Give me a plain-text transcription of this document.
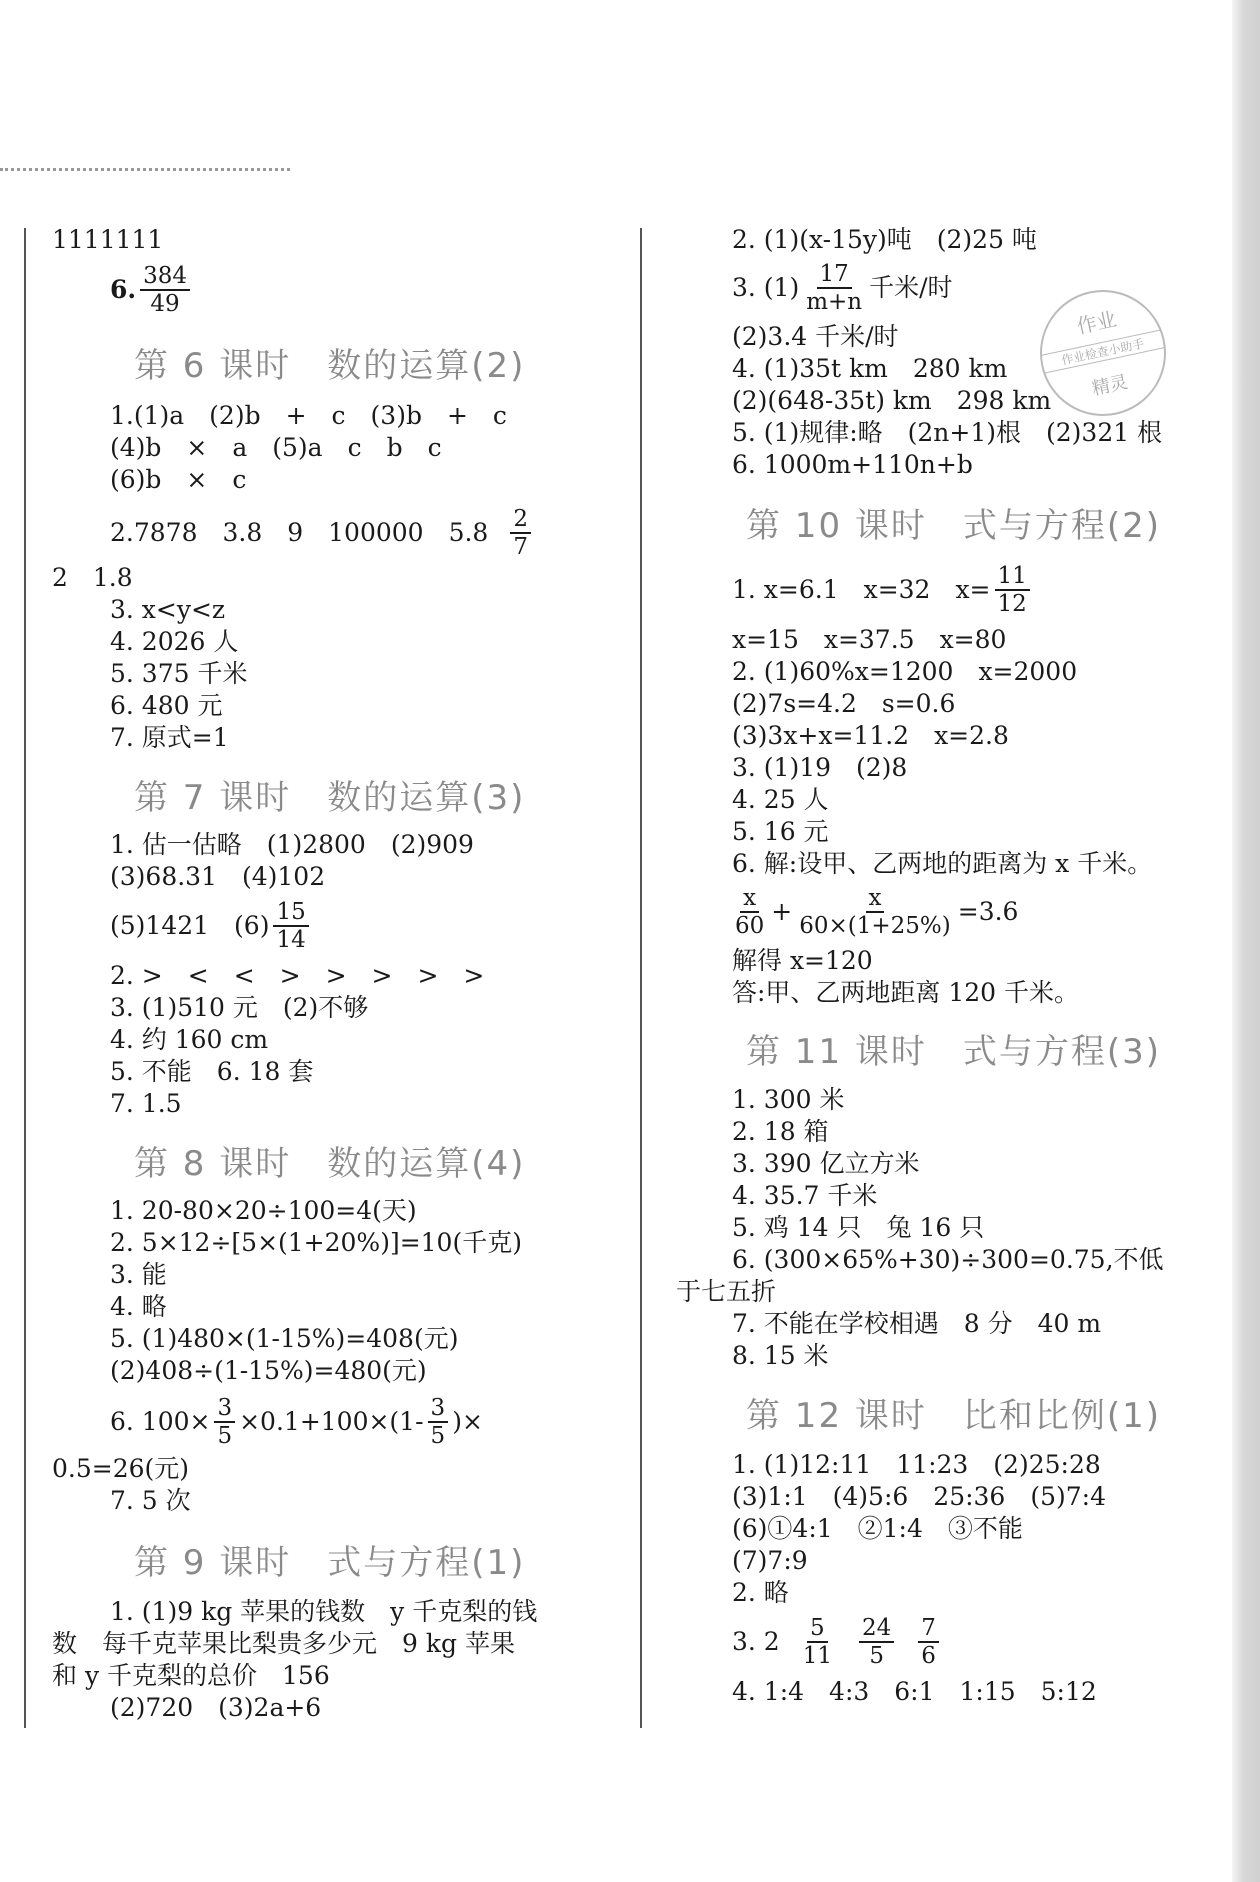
1111111
6. $\frac{384}{49}$
第 6 课时　数的运算(2)
1.(1)a　(2)b　+　c　(3)b　+　c
(4)b　×　a　(5)a　c　b　c
(6)b　×　c
2.7878　3.8　9　100000　$5.8 \frac{2}{7}$
2　1.8
3. x<y<z
4. 2026 人
5. 375 千米
6. 480 元
7. 原式=1
第 7 课时　数的运算(3)
1. 估一估略　(1)2800　(2)909
(3)68.31　(4)102
(5)1421　$(6) \frac{15}{14}$
2. >　<　<　>　>　>　>　>
3. (1)510 元　(2)不够
4. 约 160 cm
5. 不能　6. 18 套
7. 1.5
第 8 课时　数的运算(4)
1. 20-80×20÷100=4(天)
2. 5×12÷[5×(1+20%)]=10(千克)
3. 能
4. 略
5. (1)480×(1-15%)=408(元)
(2)408÷(1-15%)=480(元)
6. $100\times \frac{3}{5} \times 0.1+100\times(1- \frac{3}{5}$ )×
0.5=26(元)
7. 5 次
第 9 课时　式与方程(1)
1. (1)9 kg 苹果的钱数　y 千克梨的钱
数　每千克苹果比梨贵多少元　9 kg 苹果
和 y 千克梨的总价　156
(2)720　(3)2a+6
2. (1)(x-15y)吨　(2)25 吨
3. $(1) \frac{17}{m+n}$ 千米/时
(2)3.4 千米/时
4. (1)35t km　280 km
(2)(648-35t) km　298 km
5. (1)规律:略　(2n+1)根　(2)321 根
6. 1000m+110n+b
第 10 课时　式与方程(2)
1. x=6.1　x=32　$x= \frac{11}{12}$
x=15　x=37.5　x=80
2. (1)60%x=1200　x=2000
(2)7s=4.2　s=0.6
(3)3x+x=11.2　x=2.8
3. (1)19　(2)8
4. 25 人
5. 16 元
6. 解:设甲、乙两地的距离为 x 千米。
$\frac{x}{60} + \frac{x}{60\times(1+25\%)} =3.6$
解得 x=120
答:甲、乙两地距离 120 千米。
第 11 课时　式与方程(3)
1. 300 米
2. 18 箱
3. 390 亿立方米
4. 35.7 千米
5. 鸡 14 只　兔 16 只
6. (300×65%+30)÷300=0.75,不低
于七五折
7. 不能在学校相遇　8 分　40 m
8. 15 米
第 12 课时　比和比例(1)
1. (1)12:11　11:23　(2)25:28
(3)1:1　(4)5:6　25:36　(5)7:4
(6)①4:1　②1:4　③不能
(7)7:9
2. 略
3. $2 \frac{5}{11} \frac{24}{5} \frac{7}{6}$
4. 1:4　4:3　6:1　1:15　5:12
作业
作业检查小助手
精灵
